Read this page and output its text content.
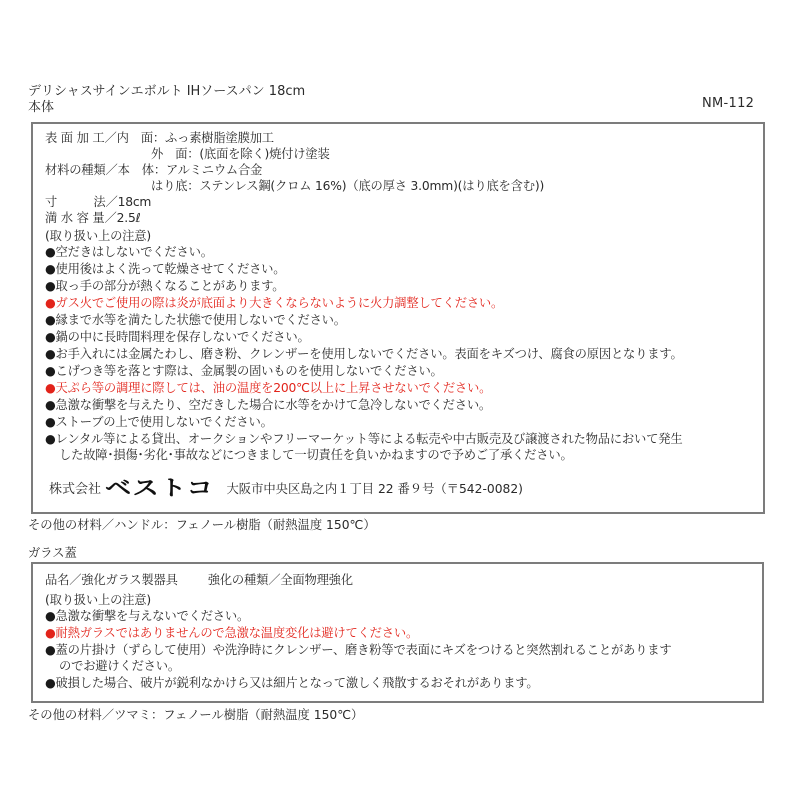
デリシャスサインエボルト IHソースパン 18cm
本体	NM-112
表 面 加 工／内　面：ふっ素樹脂塗膜加工
外　面：(底面を除く)焼付け塗装
材料の種類／本　体：アルミニウム合金
はり底：ステンレス鋼(クロム 16%)（底の厚さ 3.0mm)(はり底を含む))
寸　　　法／18cm
満 水 容 量／2.5ℓ
(取り扱い上の注意)
●空だきはしないでください。
●使用後はよく洗って乾燥させてください。
●取っ手の部分が熱くなることがあります。
●ガス火でご使用の際は炎が底面より大きくならないように火力調整してください。
●縁まで水等を満たした状態で使用しないでください。
●鍋の中に長時間料理を保存しないでください。
●お手入れには金属たわし、磨き粉、クレンザーを使用しないでください。表面をキズつけ、腐食の原因となります。
●こげつき等を落とす際は、金属製の固いものを使用しないでください。
●天ぷら等の調理に際しては、油の温度を200℃以上に上昇させないでください。
●急激な衝撃を与えたり、空だきした場合に水等をかけて急冷しないでください。
●ストーブの上で使用しないでください。
●レンタル等による貸出、オークションやフリーマーケット等による転売や中古販売及び譲渡された物品において発生
した故障･損傷･劣化･事故などにつきまして一切責任を負いかねますので予めご了承ください。
株式会社 ベストコ 大阪市中央区島之内１丁目 22 番９号（〒542-0082)
その他の材料／ハンドル：フェノール樹脂（耐熱温度 150℃）
ガラス蓋
品名／強化ガラス製器具 強化の種類／全面物理強化
(取り扱い上の注意)
●急激な衝撃を与えないでください。
●耐熱ガラスではありませんので急激な温度変化は避けてください。
●蓋の片掛け（ずらして使用）や洗浄時にクレンザー、磨き粉等で表面にキズをつけると突然割れることがあります
のでお避けください。
●破損した場合、破片が鋭利なかけら又は細片となって激しく飛散するおそれがあります。
その他の材料／ツマミ：フェノール樹脂（耐熱温度 150℃）
